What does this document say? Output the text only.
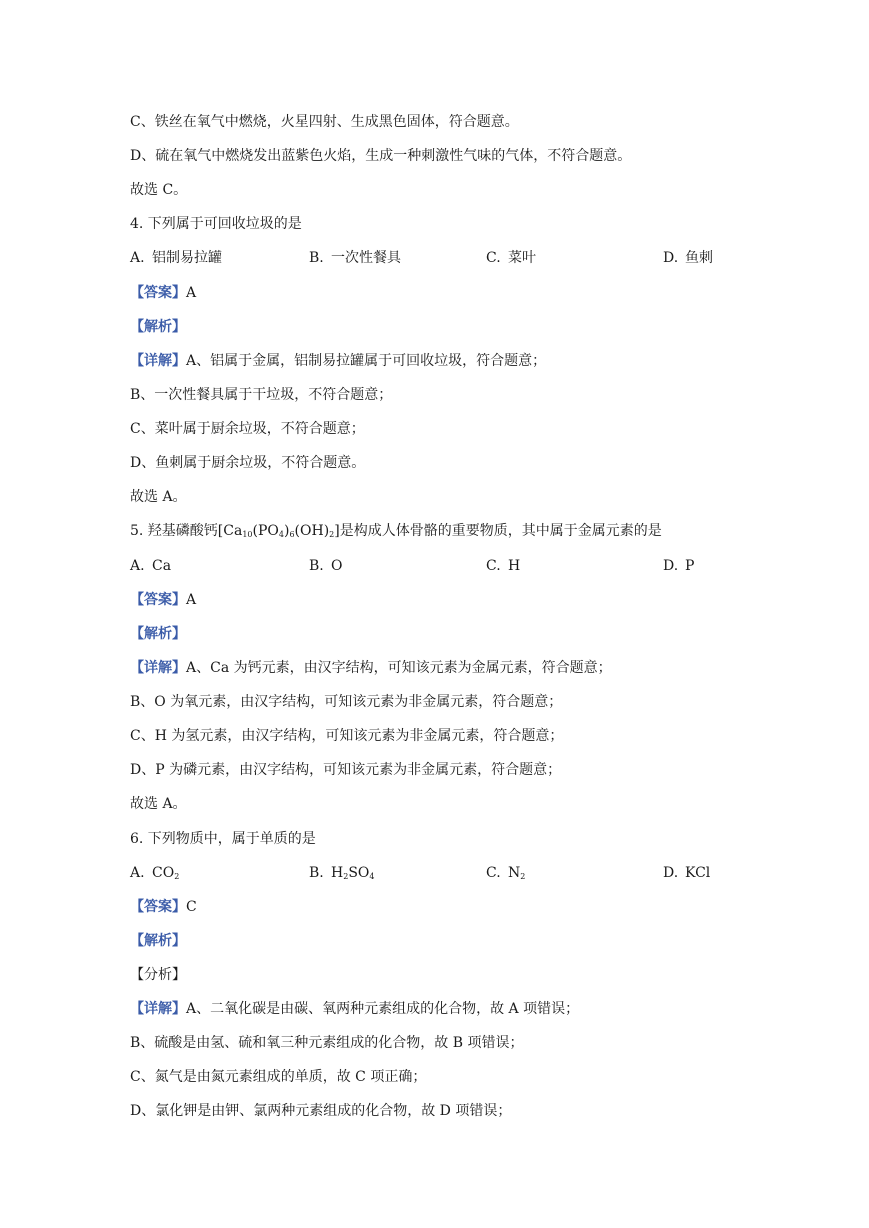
C、铁丝在氧气中燃烧，火星四射、生成黑色固体，符合题意。
D、硫在氧气中燃烧发出蓝紫色火焰，生成一种刺激性气味的气体，不符合题意。
故选 C。
4. 下列属于可回收垃圾的是
A. 铝制易拉罐	B. 一次性餐具	C. 菜叶	D. 鱼刺
【答案】A
【解析】
【详解】A、铝属于金属，铝制易拉罐属于可回收垃圾，符合题意；
B、一次性餐具属于干垃圾，不符合题意；
C、菜叶属于厨余垃圾，不符合题意；
D、鱼刺属于厨余垃圾，不符合题意。
故选 A。
5. 羟基磷酸钙$[Ca_{10}(PO_4)_6(OH)_2]$是构成人体骨骼的重要物质，其中属于金属元素的是
A. Ca	B. O	C. H	D. P
【答案】A
【解析】
【详解】A、Ca 为钙元素，由汉字结构，可知该元素为金属元素，符合题意；
B、O 为氧元素，由汉字结构，可知该元素为非金属元素，符合题意；
C、H 为氢元素，由汉字结构，可知该元素为非金属元素，符合题意；
D、P 为磷元素，由汉字结构，可知该元素为非金属元素，符合题意；
故选 A。
6. 下列物质中，属于单质的是
A. $CO_2$	B. $H_2SO_4$	C. $N_2$	D. KCl
【答案】C
【解析】
【分析】
【详解】A、二氧化碳是由碳、氧两种元素组成的化合物，故 A 项错误；
B、硫酸是由氢、硫和氧三种元素组成的化合物，故 B 项错误；
C、氮气是由氮元素组成的单质，故 C 项正确；
D、氯化钾是由钾、氯两种元素组成的化合物，故 D 项错误；
